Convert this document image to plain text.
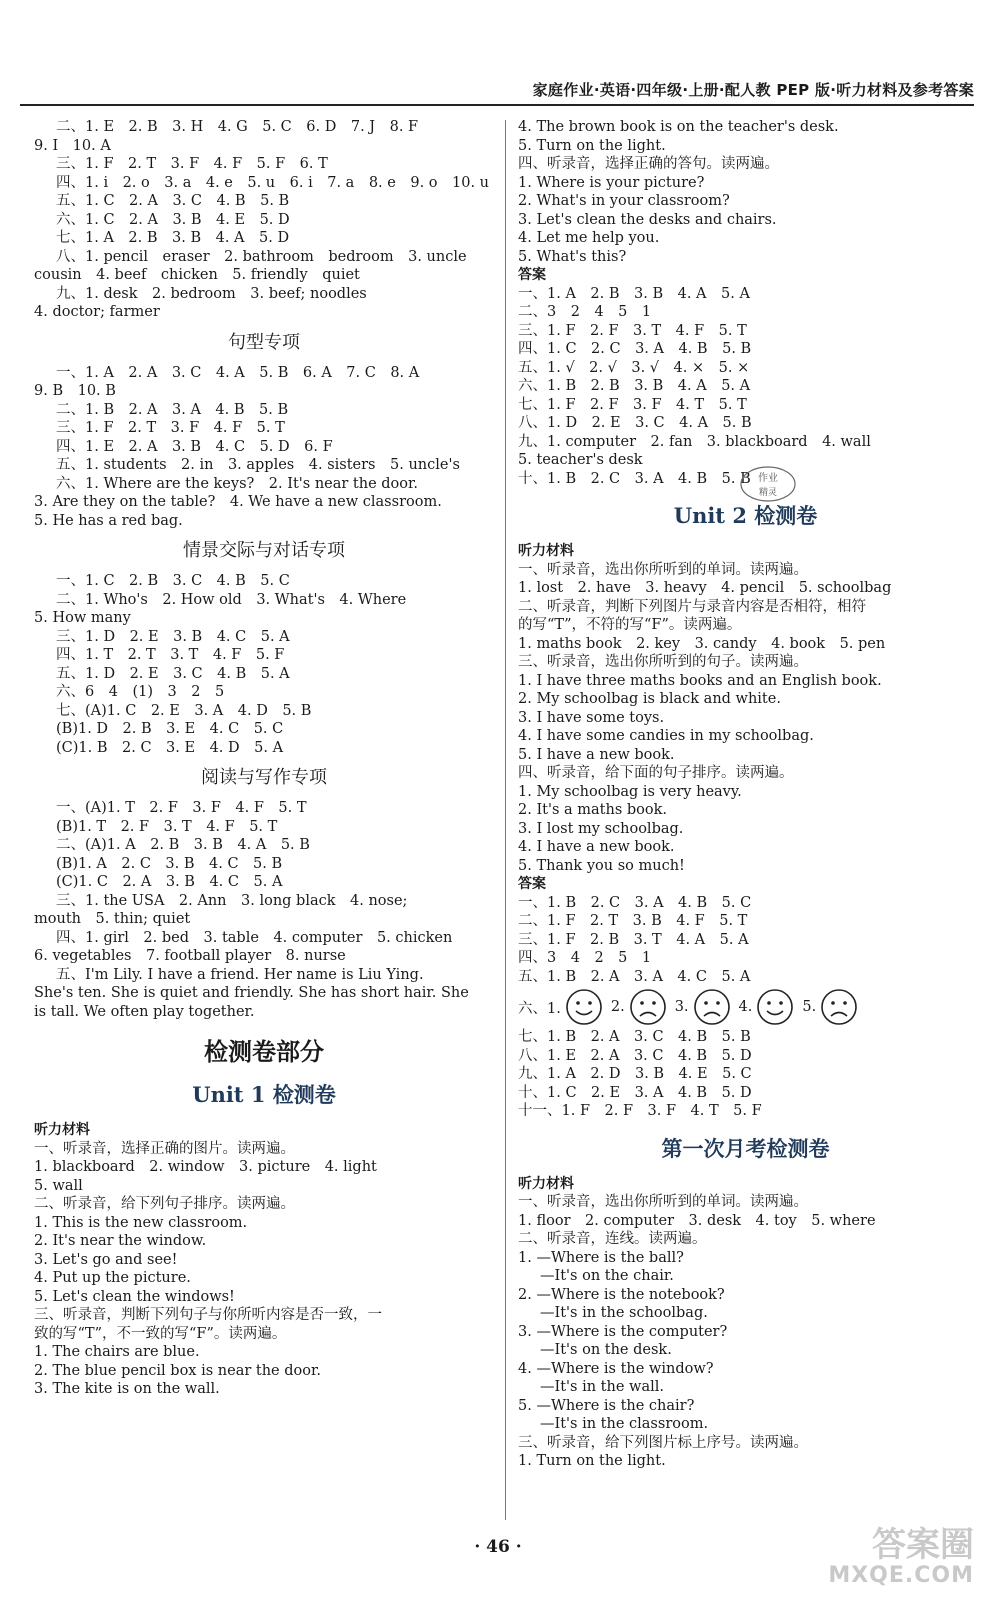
家庭作业·英语·四年级·上册·配人教 PEP 版·听力材料及参考答案
二、1. E　2. B　3. H　4. G　5. C　6. D　7. J　8. F
9. I　10. A
三、1. F　2. T　3. F　4. F　5. F　6. T
四、1. i　2. o　3. a　4. e　5. u　6. i　7. a　8. e　9. o　10. u
五、1. C　2. A　3. C　4. B　5. B
六、1. C　2. A　3. B　4. E　5. D
七、1. A　2. B　3. B　4. A　5. D
八、1. pencil　eraser　2. bathroom　bedroom　3. uncle
cousin　4. beef　chicken　5. friendly　quiet
九、1. desk　2. bedroom　3. beef; noodles
4. doctor; farmer
句型专项
一、1. A　2. A　3. C　4. A　5. B　6. A　7. C　8. A
9. B　10. B
二、1. B　2. A　3. A　4. B　5. B
三、1. F　2. T　3. F　4. F　5. T
四、1. E　2. A　3. B　4. C　5. D　6. F
五、1. students　2. in　3. apples　4. sisters　5. uncle's
六、1. Where are the keys?　2. It's near the door.
3. Are they on the table?　4. We have a new classroom.
5. He has a red bag.
情景交际与对话专项
一、1. C　2. B　3. C　4. B　5. C
二、1. Who's　2. How old　3. What's　4. Where
5. How many
三、1. D　2. E　3. B　4. C　5. A
四、1. T　2. T　3. T　4. F　5. F
五、1. D　2. E　3. C　4. B　5. A
六、6　4　(1)　3　2　5
七、(A)1. C　2. E　3. A　4. D　5. B
(B)1. D　2. B　3. E　4. C　5. C
(C)1. B　2. C　3. E　4. D　5. A
阅读与写作专项
一、(A)1. T　2. F　3. F　4. F　5. T
(B)1. T　2. F　3. T　4. F　5. T
二、(A)1. A　2. B　3. B　4. A　5. B
(B)1. A　2. C　3. B　4. C　5. B
(C)1. C　2. A　3. B　4. C　5. A
三、1. the USA　2. Ann　3. long black　4. nose;
mouth　5. thin; quiet
四、1. girl　2. bed　3. table　4. computer　5. chicken
6. vegetables　7. football player　8. nurse
五、I'm Lily. I have a friend. Her name is Liu Ying.
She's ten. She is quiet and friendly. She has short hair. She
is tall. We often play together.
检测卷部分
Unit 1 检测卷
听力材料
一、听录音，选择正确的图片。读两遍。
1. blackboard　2. window　3. picture　4. light
5. wall
二、听录音，给下列句子排序。读两遍。
1. This is the new classroom.
2. It's near the window.
3. Let's go and see!
4. Put up the picture.
5. Let's clean the windows!
三、听录音，判断下列句子与你所听内容是否一致，一
致的写“T”，不一致的写“F”。读两遍。
1. The chairs are blue.
2. The blue pencil box is near the door.
3. The kite is on the wall.
4. The brown book is on the teacher's desk.
5. Turn on the light.
四、听录音，选择正确的答句。读两遍。
1. Where is your picture?
2. What's in your classroom?
3. Let's clean the desks and chairs.
4. Let me help you.
5. What's this?
答案
一、1. A　2. B　3. B　4. A　5. A
二、3　2　4　5　1
三、1. F　2. F　3. T　4. F　5. T
四、1. C　2. C　3. A　4. B　5. B
五、1. √　2. √　3. √　4. ×　5. ×
六、1. B　2. B　3. B　4. A　5. A
七、1. F　2. F　3. F　4. T　5. T
八、1. D　2. E　3. C　4. A　5. B
九、1. computer　2. fan　3. blackboard　4. wall
5. teacher's desk
十、1. B　2. C　3. A　4. B　5. B
Unit 2 检测卷
听力材料
一、听录音，选出你所听到的单词。读两遍。
1. lost　2. have　3. heavy　4. pencil　5. schoolbag
二、听录音，判断下列图片与录音内容是否相符，相符
的写“T”，不符的写“F”。读两遍。
1. maths book　2. key　3. candy　4. book　5. pen
三、听录音，选出你所听到的句子。读两遍。
1. I have three maths books and an English book.
2. My schoolbag is black and white.
3. I have some toys.
4. I have some candies in my schoolbag.
5. I have a new book.
四、听录音，给下面的句子排序。读两遍。
1. My schoolbag is very heavy.
2. It's a maths book.
3. I lost my schoolbag.
4. I have a new book.
5. Thank you so much!
答案
一、1. B　2. C　3. A　4. B　5. C
二、1. F　2. T　3. B　4. F　5. T
三、1. F　2. B　3. T　4. A　5. A
四、3　4　2　5　1
五、1. B　2. A　3. A　4. C　5. A
六、1.	2.	3.	4.	5.
七、1. B　2. A　3. C　4. B　5. B
八、1. E　2. A　3. C　4. B　5. D
九、1. A　2. D　3. B　4. E　5. C
十、1. C　2. E　3. A　4. B　5. D
十一、1. F　2. F　3. F　4. T　5. F
第一次月考检测卷
听力材料
一、听录音，选出你所听到的单词。读两遍。
1. floor　2. computer　3. desk　4. toy　5. where
二、听录音，连线。读两遍。
1. —Where is the ball?
—It's on the chair.
2. —Where is the notebook?
—It's in the schoolbag.
3. —Where is the computer?
—It's on the desk.
4. —Where is the window?
—It's in the wall.
5. —Where is the chair?
—It's in the classroom.
三、听录音，给下列图片标上序号。读两遍。
1. Turn on the light.
作业
精灵
· 46 ·	答案圈
MXQE.COM
